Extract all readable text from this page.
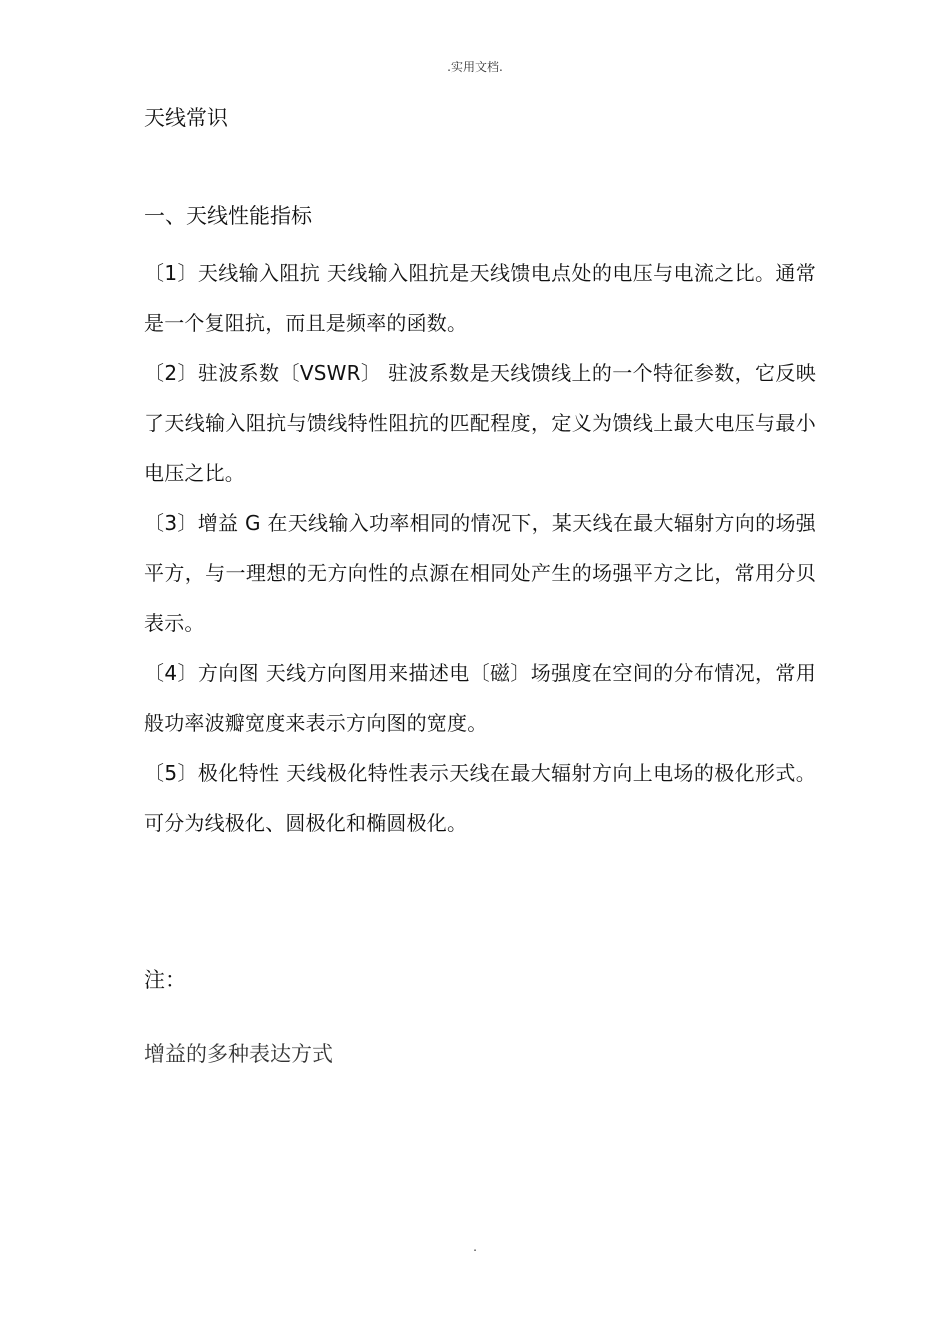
.实用文档.
天线常识
一、天线性能指标

〔1〕天线输入阻抗 天线输入阻抗是天线馈电点处的电压与电流之比。通常是一个复阻抗，而且是频率的函数。

〔2〕驻波系数〔VSWR〕 驻波系数是天线馈线上的一个特征参数，它反映了天线输入阻抗与馈线特性阻抗的匹配程度，定义为馈线上最大电压与最小电压之比。

〔3〕增益 G 在天线输入功率相同的情况下，某天线在最大辐射方向的场强平方，与一理想的无方向性的点源在相同处产生的场强平方之比，常用分贝表示。

〔4〕方向图 天线方向图用来描述电〔磁〕场强度在空间的分布情况，常用般功率波瓣宽度来表示方向图的宽度。

〔5〕极化特性 天线极化特性表示天线在最大辐射方向上电场的极化形式。可分为线极化、圆极化和椭圆极化。

注：
增益的多种表达方式
.
